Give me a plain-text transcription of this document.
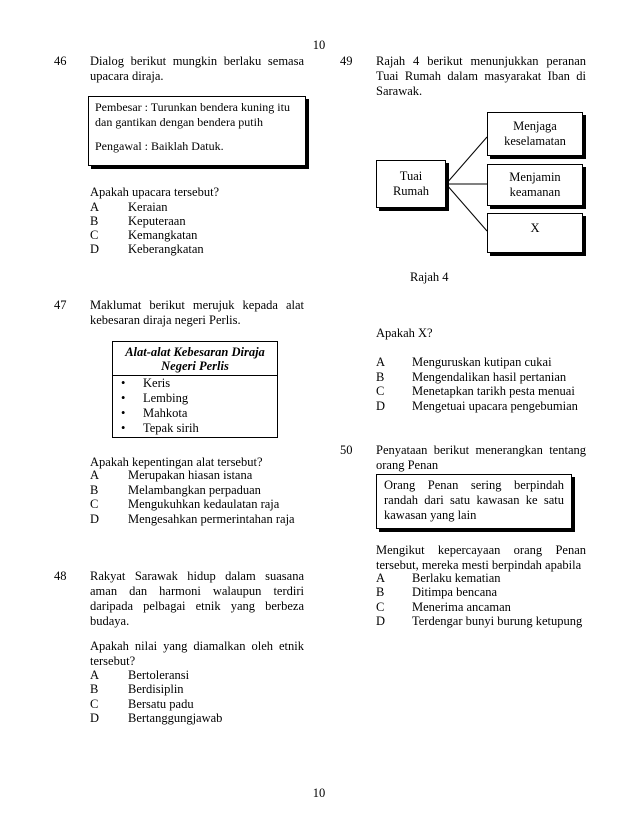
10
10
46 Dialog berikut mungkin berlaku semasa upacara diraja.
Pembesar : Turunkan bendera kuning itu
dan gantikan dengan bendera putih
Pengawal : Baiklah Datuk.
Apakah upacara tersebut?
A Keraian
B Keputeraan
C Kemangkatan
D Keberangkatan
47 Maklumat berikut merujuk kepada alat kebesaran diraja negeri Perlis.
Alat-alat Kebesaran Diraja
Negeri Perlis
• Keris
• Lembing
• Mahkota
• Tepak sirih
Apakah kepentingan alat tersebut?
A Merupakan hiasan istana
B Melambangkan perpaduan
C Mengukuhkan kedaulatan raja
D Mengesahkan permerintahan raja
48 Rakyat Sarawak hidup dalam suasana aman dan harmoni walaupun terdiri daripada pelbagai etnik yang berbeza budaya.
Apakah nilai yang diamalkan oleh etnik tersebut?
A Bertoleransi
B Berdisiplin
C Bersatu padu
D Bertanggungjawab
49 Rajah 4 berikut menunjukkan peranan Tuai Rumah dalam masyarakat Iban di Sarawak.
Tuai
Rumah
Menjaga
keselamatan
Menjamin
keamanan
X
Rajah 4
Apakah X?
A Menguruskan kutipan cukai
B Mengendalikan hasil pertanian
C Menetapkan tarikh pesta menuai
D Mengetuai upacara pengebumian
50 Penyataan berikut menerangkan tentang orang Penan
Orang Penan sering berpindah randah dari satu kawasan ke satu kawasan yang lain
Mengikut kepercayaan orang Penan tersebut, mereka mesti berpindah apabila
A Berlaku kematian
B Ditimpa bencana
C Menerima ancaman
D Terdengar bunyi burung ketupung
